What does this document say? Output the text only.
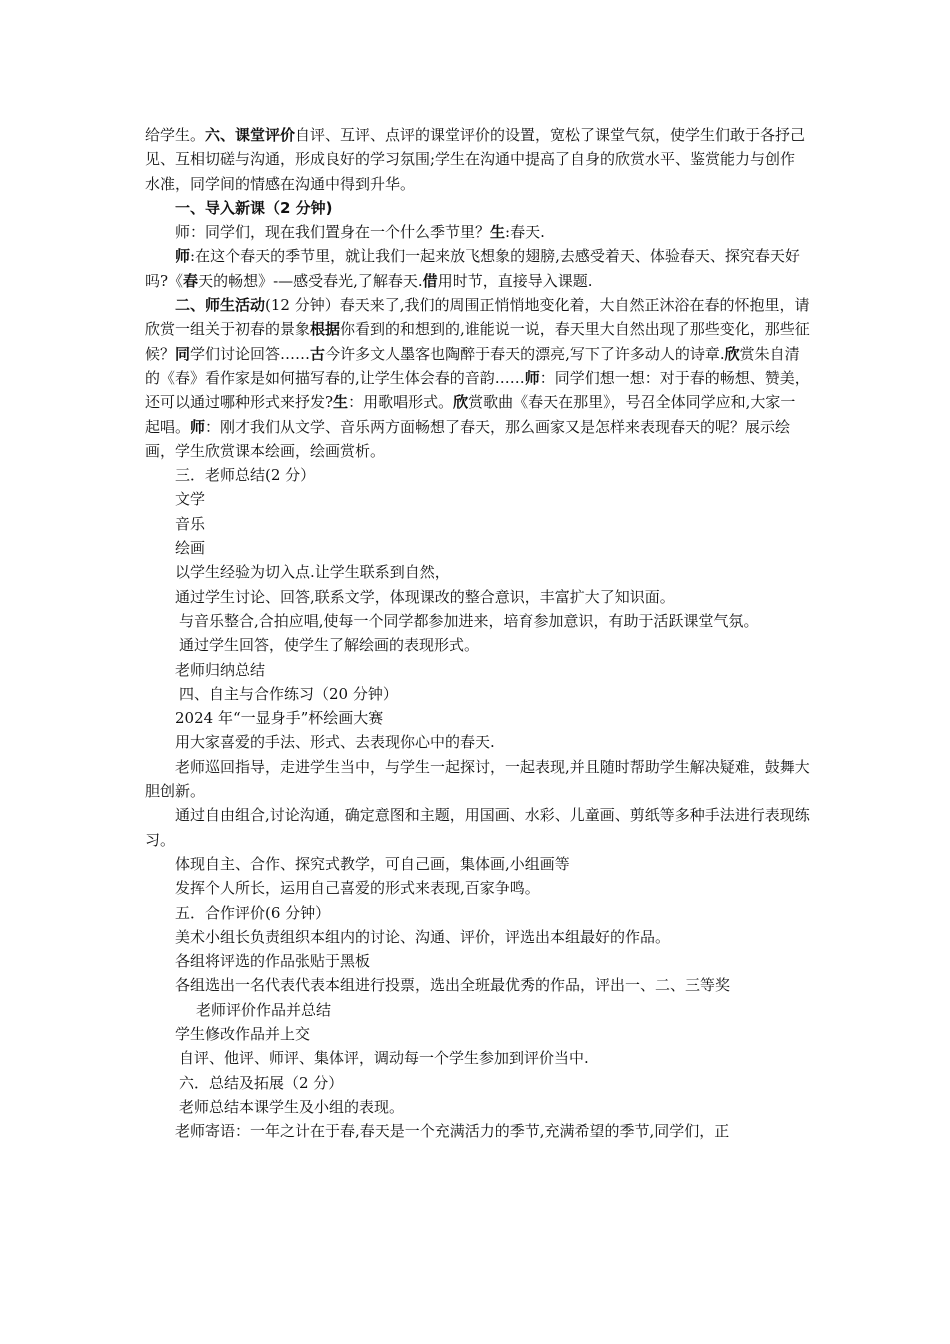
给学生。六、课堂评价自评、互评、点评的课堂评价的设置，宽松了课堂气氛，使学生们敢于各抒己见、互相切磋与沟通，形成良好的学习氛围;学生在沟通中提高了自身的欣赏水平、鉴赏能力与创作水准，同学间的情感在沟通中得到升华。

一、导入新课（2 分钟)

师：同学们，现在我们置身在一个什么季节里？生:春天.

师:在这个春天的季节里，就让我们一起来放飞想象的翅膀,去感受着天、体验春天、探究春天好吗?《春天的畅想》-—感受春光,了解春天.借用时节，直接导入课题.

二、师生活动(12 分钟）春天来了,我们的周围正悄悄地变化着，大自然正沐浴在春的怀抱里，请欣赏一组关于初春的景象根据你看到的和想到的,谁能说一说，春天里大自然出现了那些变化，那些征候？同学们讨论回答……古今许多文人墨客也陶醉于春天的漂亮,写下了许多动人的诗章.欣赏朱自清的《春》看作家是如何描写春的,让学生体会春的音韵……师：同学们想一想：对于春的畅想、赞美，还可以通过哪种形式来抒发?生：用歌唱形式。欣赏歌曲《春天在那里》，号召全体同学应和,大家一起唱。师：刚才我们从文学、音乐两方面畅想了春天，那么画家又是怎样来表现春天的呢？展示绘画，学生欣赏课本绘画，绘画赏析。

三．老师总结(2 分）

文学

音乐

绘画

以学生经验为切入点.让学生联系到自然，

通过学生讨论、回答,联系文学，体现课改的整合意识，丰富扩大了知识面。

与音乐整合,合拍应唱,使每一个同学都参加进来，培育参加意识，有助于活跃课堂气氛。

通过学生回答，使学生了解绘画的表现形式。

老师归纳总结

四、自主与合作练习（20 分钟）

2024 年“一显身手”杯绘画大赛

用大家喜爱的手法、形式、去表现你心中的春天.

老师巡回指导，走进学生当中，与学生一起探讨，一起表现,并且随时帮助学生解决疑难，鼓舞大胆创新。

通过自由组合,讨论沟通，确定意图和主题，用国画、水彩、儿童画、剪纸等多种手法进行表现练习。

体现自主、合作、探究式教学，可自己画，集体画,小组画等

发挥个人所长，运用自己喜爱的形式来表现,百家争鸣。

五．合作评价(6 分钟）

美术小组长负责组织本组内的讨论、沟通、评价，评选出本组最好的作品。

各组将评选的作品张贴于黑板

各组选出一名代表代表本组进行投票，选出全班最优秀的作品，评出一、二、三等奖

老师评价作品并总结

学生修改作品并上交

自评、他评、师评、集体评，调动每一个学生参加到评价当中.

六．总结及拓展（2 分）

老师总结本课学生及小组的表现。

老师寄语：一年之计在于春,春天是一个充满活力的季节,充满希望的季节,同学们，正
